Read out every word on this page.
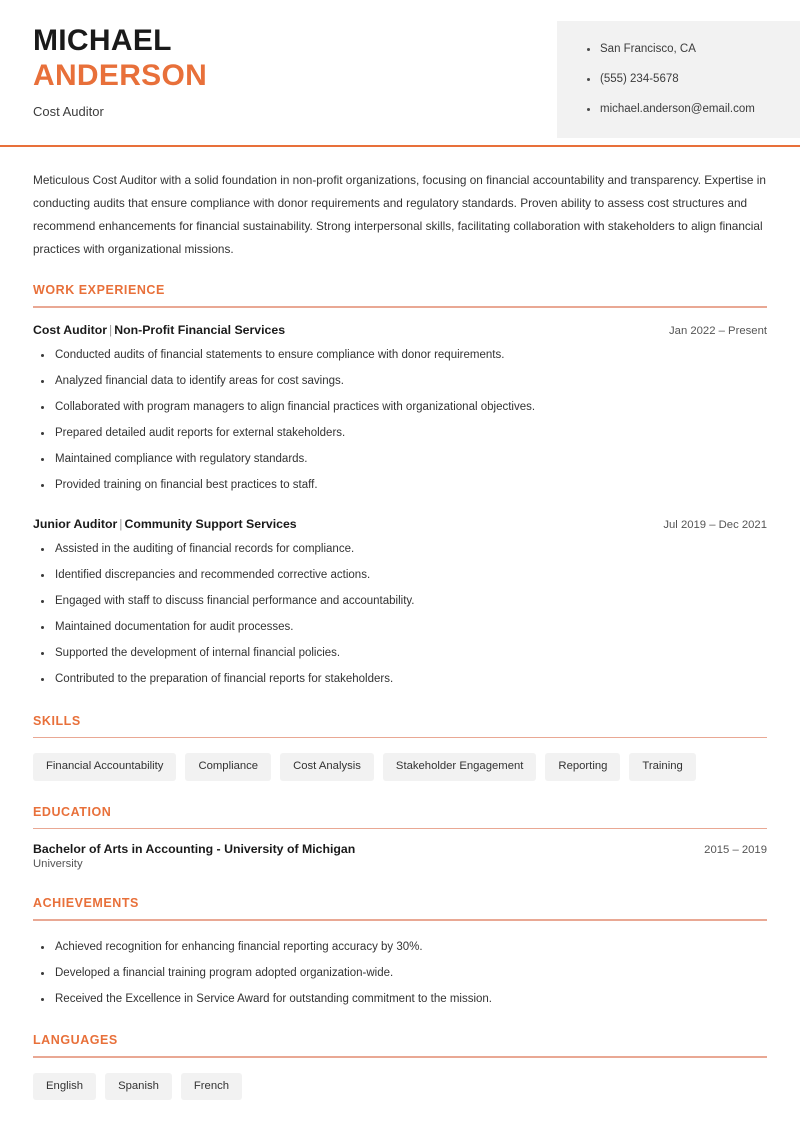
MICHAEL
ANDERSON
Cost Auditor
San Francisco, CA
(555) 234-5678
michael.anderson@email.com

Meticulous Cost Auditor with a solid foundation in non-profit organizations, focusing on financial accountability and transparency. Expertise in conducting audits that ensure compliance with donor requirements and regulatory standards. Proven ability to assess cost structures and recommend enhancements for financial sustainability. Strong interpersonal skills, facilitating collaboration with stakeholders to align financial practices with organizational missions.

WORK EXPERIENCE
Cost Auditor | Non-Profit Financial Services	Jan 2022 – Present
Conducted audits of financial statements to ensure compliance with donor requirements.
Analyzed financial data to identify areas for cost savings.
Collaborated with program managers to align financial practices with organizational objectives.
Prepared detailed audit reports for external stakeholders.
Maintained compliance with regulatory standards.
Provided training on financial best practices to staff.
Junior Auditor | Community Support Services	Jul 2019 – Dec 2021
Assisted in the auditing of financial records for compliance.
Identified discrepancies and recommended corrective actions.
Engaged with staff to discuss financial performance and accountability.
Maintained documentation for audit processes.
Supported the development of internal financial policies.
Contributed to the preparation of financial reports for stakeholders.
SKILLS
Financial Accountability	Compliance	Cost Analysis	Stakeholder Engagement	Reporting	Training
EDUCATION
Bachelor of Arts in Accounting - University of Michigan	2015 – 2019
University
ACHIEVEMENTS
Achieved recognition for enhancing financial reporting accuracy by 30%.
Developed a financial training program adopted organization-wide.
Received the Excellence in Service Award for outstanding commitment to the mission.
LANGUAGES
English	Spanish	French
